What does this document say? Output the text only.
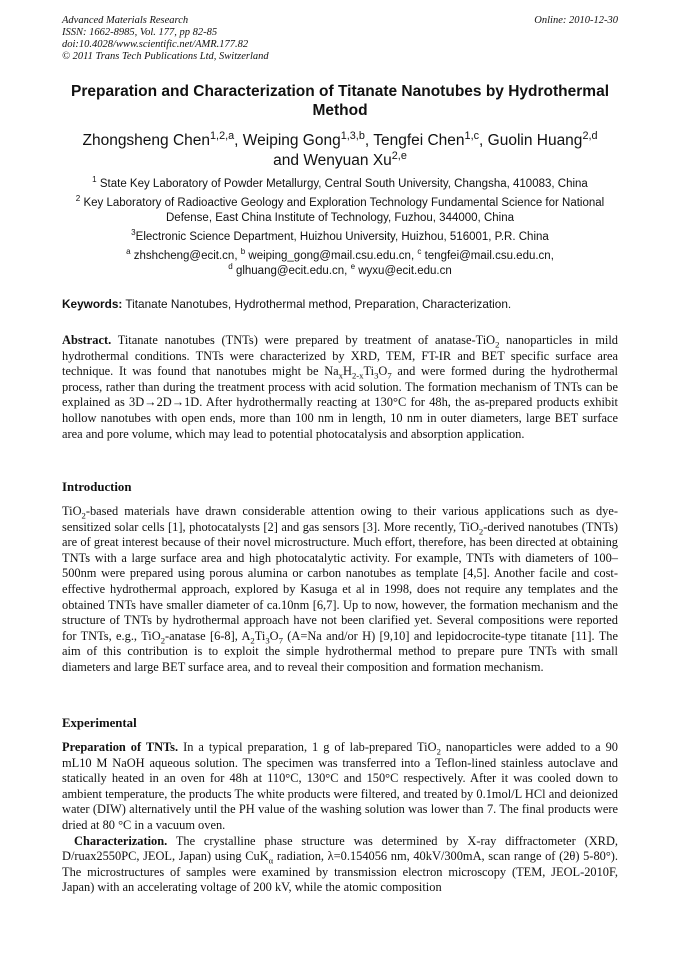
Advanced Materials Research
ISSN: 1662-8985, Vol. 177, pp 82-85
doi:10.4028/www.scientific.net/AMR.177.82
© 2011 Trans Tech Publications Ltd, Switzerland
Online: 2010-12-30
Preparation and Characterization of Titanate Nanotubes by Hydrothermal Method
Zhongsheng Chen$^{1,2,a}$, Weiping Gong$^{1,3,b}$, Tengfei Chen$^{1,c}$, Guolin Huang$^{2,d}$
and Wenyuan Xu$^{2,e}$
$^1$ State Key Laboratory of Powder Metallurgy, Central South University, Changsha, 410083, China
$^2$ Key Laboratory of Radioactive Geology and Exploration Technology Fundamental Science for National Defense, East China Institute of Technology, Fuzhou, 344000, China
$^3$Electronic Science Department, Huizhou University, Huizhou, 516001, P.R. China
$^a$ zhshcheng@ecit.cn, $^b$ weiping_gong@mail.csu.edu.cn, $^c$ tengfei@mail.csu.edu.cn,
$^d$ glhuang@ecit.edu.cn, $^e$ wyxu@ecit.edu.cn
Keywords: Titanate Nanotubes, Hydrothermal method, Preparation, Characterization.
Abstract. Titanate nanotubes (TNTs) were prepared by treatment of anatase-TiO$_2$ nanoparticles in mild hydrothermal conditions. TNTs were characterized by XRD, TEM, FT-IR and BET specific surface area technique. It was found that nanotubes might be $Na_xH_{2-x}Ti_3O_7$ and were formed during the hydrothermal process, rather than during the treatment process with acid solution. The formation mechanism of TNTs can be explained as 3D→2D→1D. After hydrothermally reacting at 130°C for 48h, the as-prepared products exhibit hollow nanotubes with open ends, more than 100 nm in length, 10 nm in outer diameters, large BET surface area and pore volume, which may lead to potential photocatalysis and absorption application.
Introduction
TiO$_2$-based materials have drawn considerable attention owing to their various applications such as dye-sensitized solar cells [1], photocatalysts [2] and gas sensors [3]. More recently, TiO$_2$-derived nanotubes (TNTs) are of great interest because of their novel microstructure. Much effort, therefore, has been directed at obtaining TNTs with a large surface area and high photocatalytic activity. For example, TNTs with diameters of 100–500nm were prepared using porous alumina or carbon nanotubes as template [4,5]. Another facile and cost-effective hydrothermal approach, explored by Kasuga et al in 1998, does not require any templates and the obtained TNTs have smaller diameter of ca.10nm [6,7]. Up to now, however, the formation mechanism and the structure of TNTs by hydrothermal approach have not been clarified yet. Several compositions were reported for TNTs, e.g., TiO$_2$-anatase [6-8], $A_2Ti_3O_7$ (A=Na and/or H) [9,10] and lepidocrocite-type titanate [11]. The aim of this contribution is to exploit the simple hydrothermal method to prepare pure TNTs with small diameters and large BET surface area, and to reveal their composition and formation mechanism.
Experimental

Preparation of TNTs. In a typical preparation, 1 g of lab-prepared TiO$_2$ nanoparticles were added to a 90 mL10 M NaOH aqueous solution. The specimen was transferred into a Teflon-lined stainless autoclave and statically heated in an oven for 48h at 110°C, 130°C and 150°C respectively. After it was cooled down to ambient temperature, the products The white products were filtered, and treated by 0.1mol/L HCl and deionized water (DIW) alternatively until the PH value of the washing solution was lower than 7. The final products were dried at 80 °C in a vacuum oven.

Characterization. The crystalline phase structure was determined by X-ray diffractometer (XRD, D/ruax2550PC, JEOL, Japan) using CuK$_\alpha$ radiation, λ=0.154056 nm, 40kV/300mA, scan range of (2θ) 5-80°). The microstructures of samples were examined by transmission electron microscopy (TEM, JEOL-2010F, Japan) with an accelerating voltage of 200 kV, while the atomic composition
